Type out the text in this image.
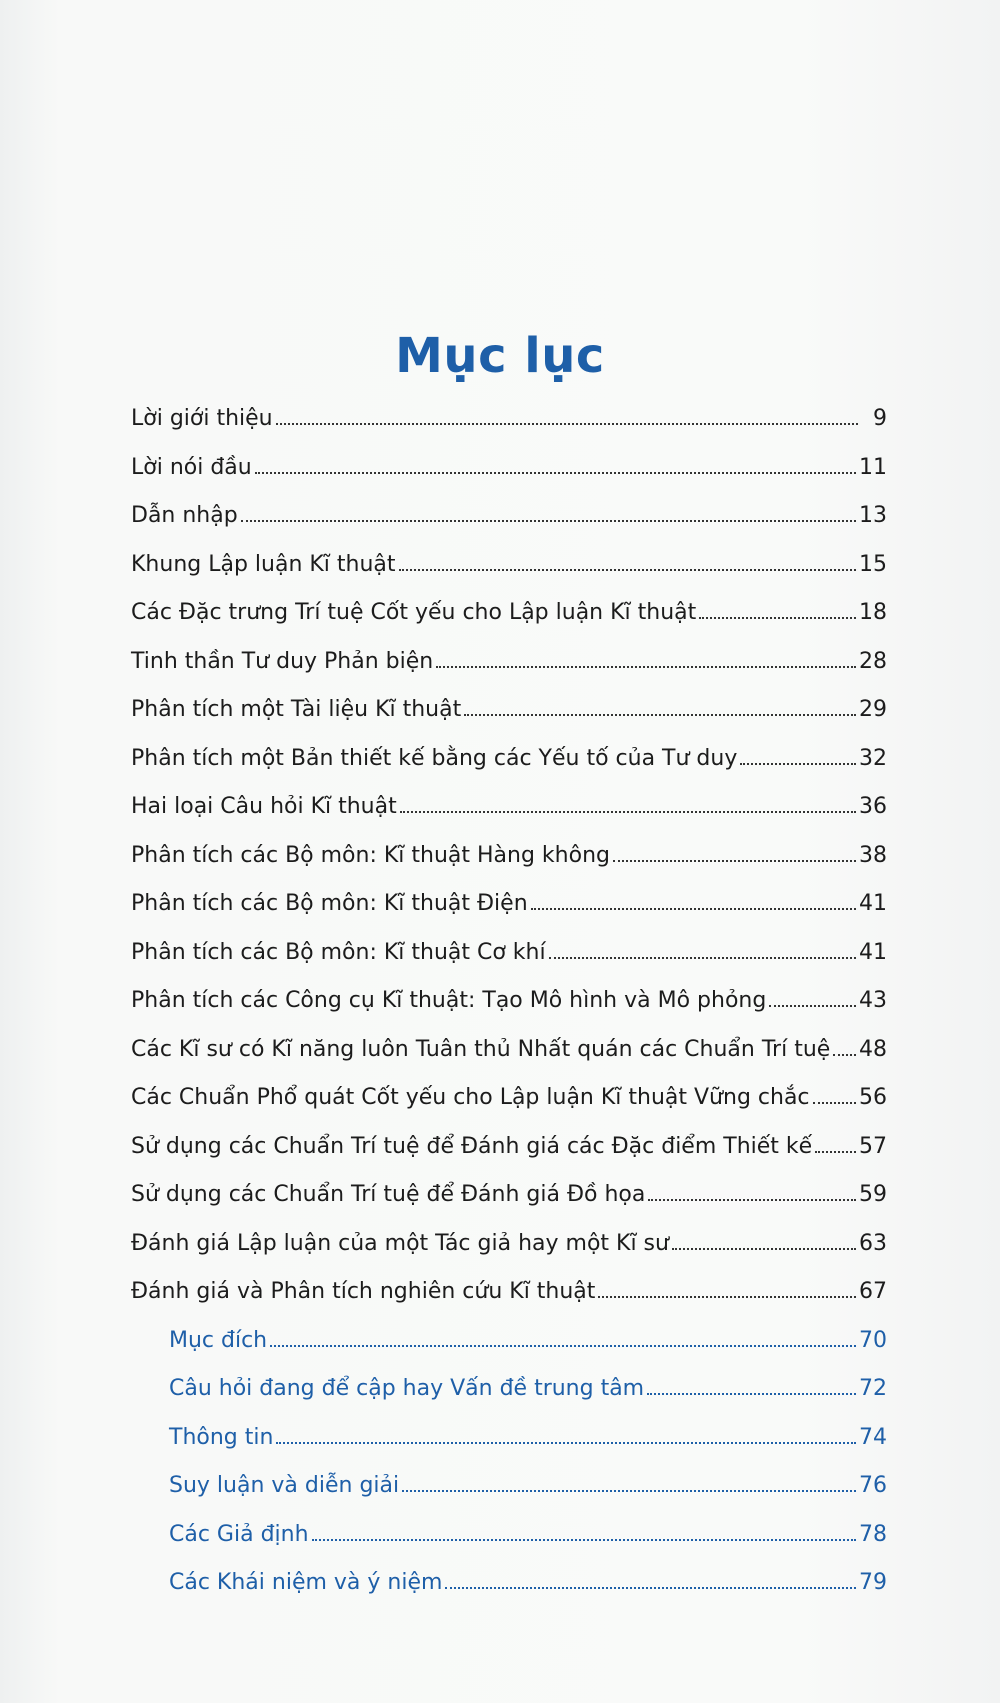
Mục lục
Lời giới thiệu	9
Lời nói đầu	11
Dẫn nhập	13
Khung Lập luận Kĩ thuật	15
Các Đặc trưng Trí tuệ Cốt yếu cho Lập luận Kĩ thuật	18
Tinh thần Tư duy Phản biện	28
Phân tích một Tài liệu Kĩ thuật	29
Phân tích một Bản thiết kế bằng các Yếu tố của Tư duy	32
Hai loại Câu hỏi Kĩ thuật	36
Phân tích các Bộ môn: Kĩ thuật Hàng không	38
Phân tích các Bộ môn: Kĩ thuật Điện	41
Phân tích các Bộ môn: Kĩ thuật Cơ khí	41
Phân tích các Công cụ Kĩ thuật: Tạo Mô hình và Mô phỏng	43
Các Kĩ sư có Kĩ năng luôn Tuân thủ Nhất quán các Chuẩn Trí tuệ 48
Các Chuẩn Phổ quát Cốt yếu cho Lập luận Kĩ thuật Vững chắc 56
Sử dụng các Chuẩn Trí tuệ để Đánh giá các Đặc điểm Thiết kế 57
Sử dụng các Chuẩn Trí tuệ để Đánh giá Đồ họa	59
Đánh giá Lập luận của một Tác giả hay một Kĩ sư	63
Đánh giá và Phân tích nghiên cứu Kĩ thuật	67
Mục đích	70
Câu hỏi đang để cập hay Vấn đề trung tâm	72
Thông tin	74
Suy luận và diễn giải	76
Các Giả định	78
Các Khái niệm và ý niệm	79
